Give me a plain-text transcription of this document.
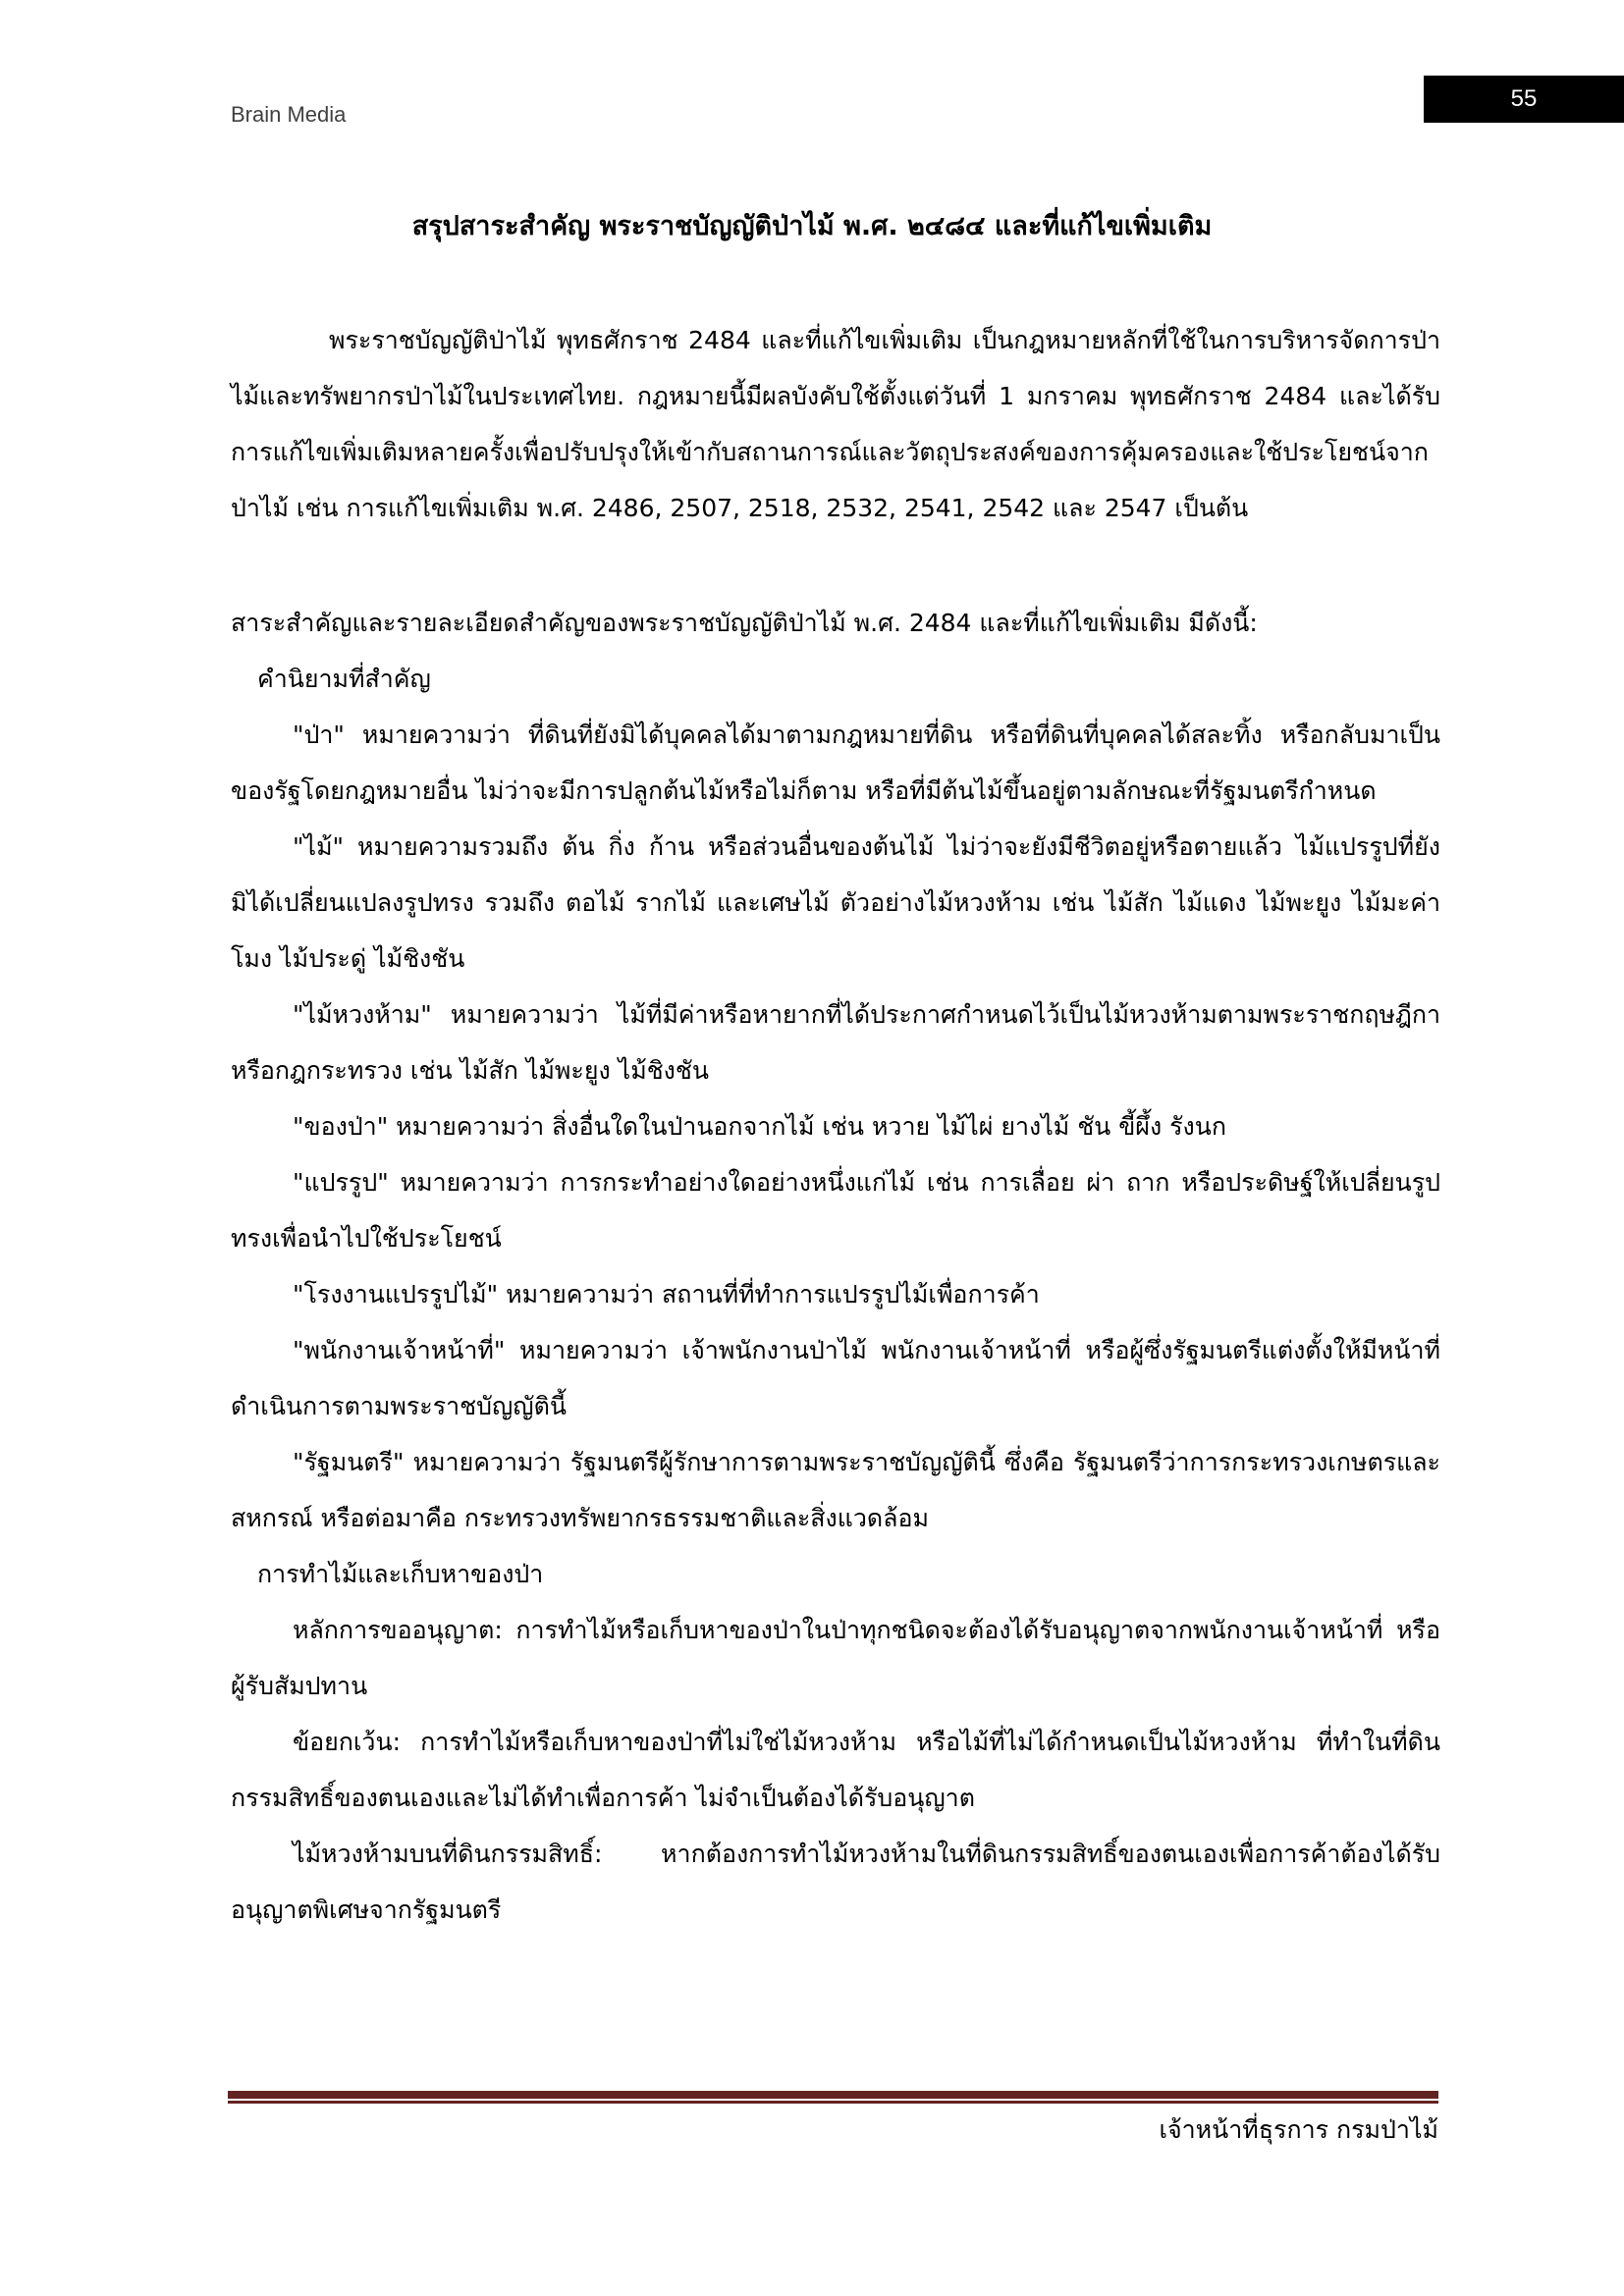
Brain Media
55
สรุปสาระสำคัญ พระราชบัญญัติป่าไม้ พ.ศ. ๒๔๘๔ และที่แก้ไขเพิ่มเติม

พระราชบัญญัติป่าไม้ พุทธศักราช 2484 และที่แก้ไขเพิ่มเติม เป็นกฎหมายหลักที่ใช้ในการบริหารจัดการป่าไม้และทรัพยากรป่าไม้ในประเทศไทย. กฎหมายนี้มีผลบังคับใช้ตั้งแต่วันที่ 1 มกราคม พุทธศักราช 2484 และได้รับการแก้ไขเพิ่มเติมหลายครั้งเพื่อปรับปรุงให้เข้ากับสถานการณ์และวัตถุประสงค์ของการคุ้มครองและใช้ประโยชน์จากป่าไม้ เช่น การแก้ไขเพิ่มเติม พ.ศ. 2486, 2507, 2518, 2532, 2541, 2542 และ 2547 เป็นต้น

สาระสำคัญและรายละเอียดสำคัญของพระราชบัญญัติป่าไม้ พ.ศ. 2484 และที่แก้ไขเพิ่มเติม มีดังนี้:

คำนิยามที่สำคัญ

"ป่า" หมายความว่า ที่ดินที่ยังมิได้บุคคลได้มาตามกฎหมายที่ดิน หรือที่ดินที่บุคคลได้สละทิ้ง หรือกลับมาเป็นของรัฐโดยกฎหมายอื่น ไม่ว่าจะมีการปลูกต้นไม้หรือไม่ก็ตาม หรือที่มีต้นไม้ขึ้นอยู่ตามลักษณะที่รัฐมนตรีกำหนด

"ไม้" หมายความรวมถึง ต้น กิ่ง ก้าน หรือส่วนอื่นของต้นไม้ ไม่ว่าจะยังมีชีวิตอยู่หรือตายแล้ว ไม้แปรรูปที่ยังมิได้เปลี่ยนแปลงรูปทรง รวมถึง ตอไม้ รากไม้ และเศษไม้ ตัวอย่างไม้หวงห้าม เช่น ไม้สัก ไม้แดง ไม้พะยูง ไม้มะค่าโมง ไม้ประดู่ ไม้ชิงชัน

"ไม้หวงห้าม" หมายความว่า ไม้ที่มีค่าหรือหายากที่ได้ประกาศกำหนดไว้เป็นไม้หวงห้ามตามพระราชกฤษฎีกาหรือกฎกระทรวง เช่น ไม้สัก ไม้พะยูง ไม้ชิงชัน

"ของป่า" หมายความว่า สิ่งอื่นใดในป่านอกจากไม้ เช่น หวาย ไม้ไผ่ ยางไม้ ชัน ขี้ผึ้ง รังนก

"แปรรูป" หมายความว่า การกระทำอย่างใดอย่างหนึ่งแก่ไม้ เช่น การเลื่อย ผ่า ถาก หรือประดิษฐ์ให้เปลี่ยนรูปทรงเพื่อนำไปใช้ประโยชน์

"โรงงานแปรรูปไม้" หมายความว่า สถานที่ที่ทำการแปรรูปไม้เพื่อการค้า

"พนักงานเจ้าหน้าที่" หมายความว่า เจ้าพนักงานป่าไม้ พนักงานเจ้าหน้าที่ หรือผู้ซึ่งรัฐมนตรีแต่งตั้งให้มีหน้าที่ดำเนินการตามพระราชบัญญัตินี้

"รัฐมนตรี" หมายความว่า รัฐมนตรีผู้รักษาการตามพระราชบัญญัตินี้ ซึ่งคือ รัฐมนตรีว่าการกระทรวงเกษตรและสหกรณ์ หรือต่อมาคือ กระทรวงทรัพยากรธรรมชาติและสิ่งแวดล้อม

การทำไม้และเก็บหาของป่า

หลักการขออนุญาต: การทำไม้หรือเก็บหาของป่าในป่าทุกชนิดจะต้องได้รับอนุญาตจากพนักงานเจ้าหน้าที่ หรือผู้รับสัมปทาน

ข้อยกเว้น: การทำไม้หรือเก็บหาของป่าที่ไม่ใช่ไม้หวงห้าม หรือไม้ที่ไม่ได้กำหนดเป็นไม้หวงห้าม ที่ทำในที่ดินกรรมสิทธิ์ของตนเองและไม่ได้ทำเพื่อการค้า ไม่จำเป็นต้องได้รับอนุญาต

ไม้หวงห้ามบนที่ดินกรรมสิทธิ์: หากต้องการทำไม้หวงห้ามในที่ดินกรรมสิทธิ์ของตนเองเพื่อการค้าต้องได้รับอนุญาตพิเศษจากรัฐมนตรี

เจ้าหน้าที่ธุรการ กรมป่าไม้
